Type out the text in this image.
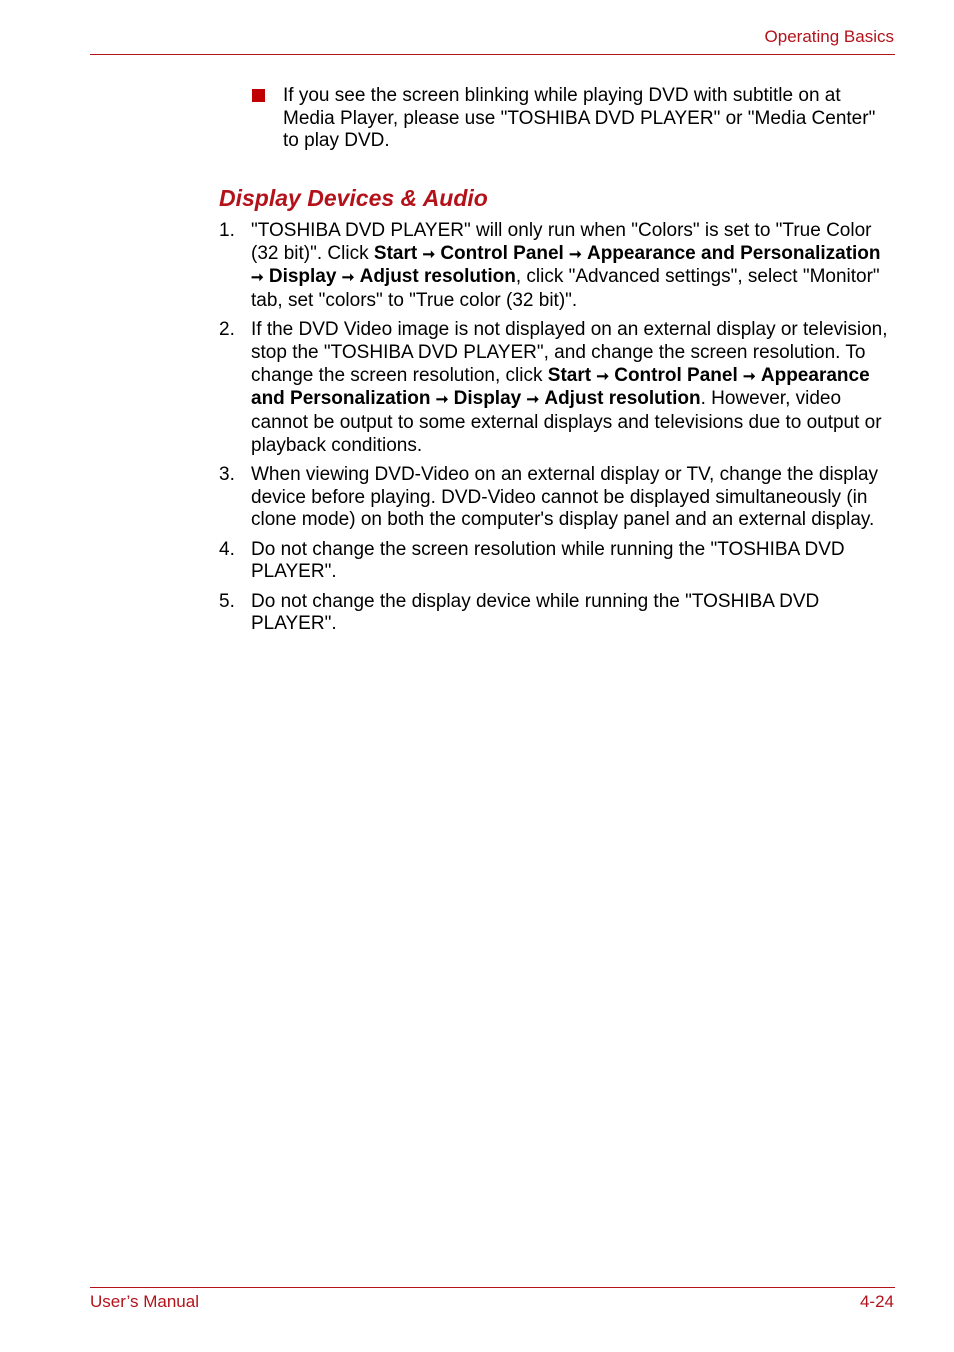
Operating Basics
If you see the screen blinking while playing DVD with subtitle on at Media Player, please use "TOSHIBA DVD PLAYER" or "Media Center" to play DVD.
Display Devices & Audio
1. "TOSHIBA DVD PLAYER" will only run when "Colors" is set to "True Color (32 bit)". Click Start ➞ Control Panel ➞ Appearance and Personalization ➞ Display ➞ Adjust resolution, click "Advanced settings", select "Monitor" tab, set "colors" to "True color (32 bit)".
2. If the DVD Video image is not displayed on an external display or television, stop the "TOSHIBA DVD PLAYER", and change the screen resolution. To change the screen resolution, click Start ➞ Control Panel ➞ Appearance and Personalization ➞ Display ➞ Adjust resolution. However, video cannot be output to some external displays and televisions due to output or playback conditions.
3. When viewing DVD-Video on an external display or TV, change the display device before playing. DVD-Video cannot be displayed simultaneously (in clone mode) on both the computer's display panel and an external display.
4. Do not change the screen resolution while running the "TOSHIBA DVD PLAYER".
5. Do not change the display device while running the "TOSHIBA DVD PLAYER".
User’s Manual	4-24
